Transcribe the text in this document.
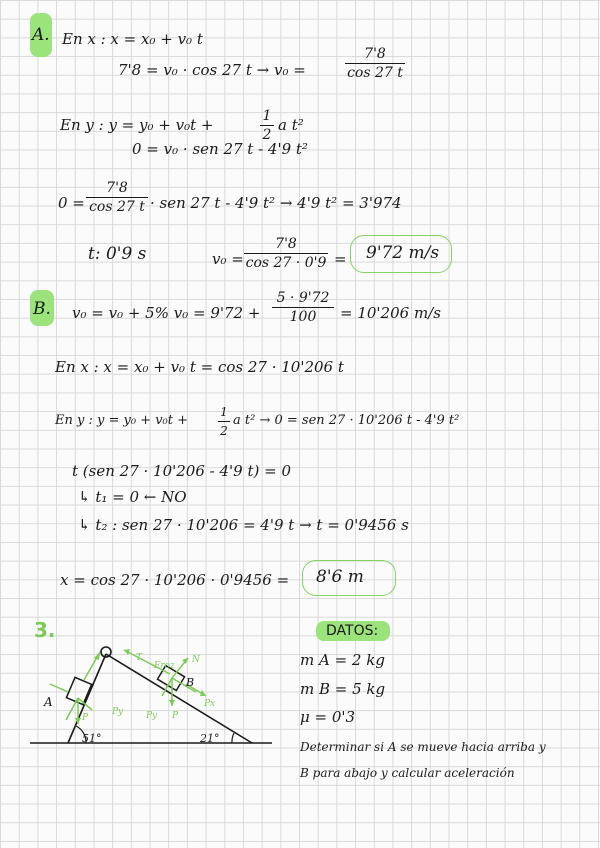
A. En x : x = x₀ + v₀ t
7'8 = v₀ · cos 27 t → v₀ =
7'8
cos 27 t
En y : y = y₀ + v₀t +	1
2
a t²
0 = v₀ · sen 27 t - 4'9 t²
0 =
7'8
cos 27 t · sen 27 t - 4'9 t² → 4'9 t² = 3'974
t: 0'9 s	v₀ =
7'8
cos 27 · 0'9 = 9'72 m/s
B. v₀ = v₀ + 5% v₀ = 9'72 +
5 · 9'72
100	= 10'206 m/s
En x : x = x₀ + v₀ t = cos 27 · 10'206 t
En y : y = y₀ + v₀t +
1
2
a t² → 0 = sen 27 · 10'206 t - 4'9 t²
t (sen 27 · 10'206 - 4'9 t) = 0
↳ t₁ = 0 ← NO
↳ t₂ : sen 27 · 10'206 = 4'9 t → t = 0'9456 s
x = cos 27 · 10'206 · 0'9456 = 8'6 m
3.
A
B
51°	21°
T
Froz
N
Px
Py P
Py
P
DATOS:
m A = 2 kg
m B = 5 kg
μ = 0'3
Determinar si A se mueve hacia arriba y
B para abajo y calcular aceleración
